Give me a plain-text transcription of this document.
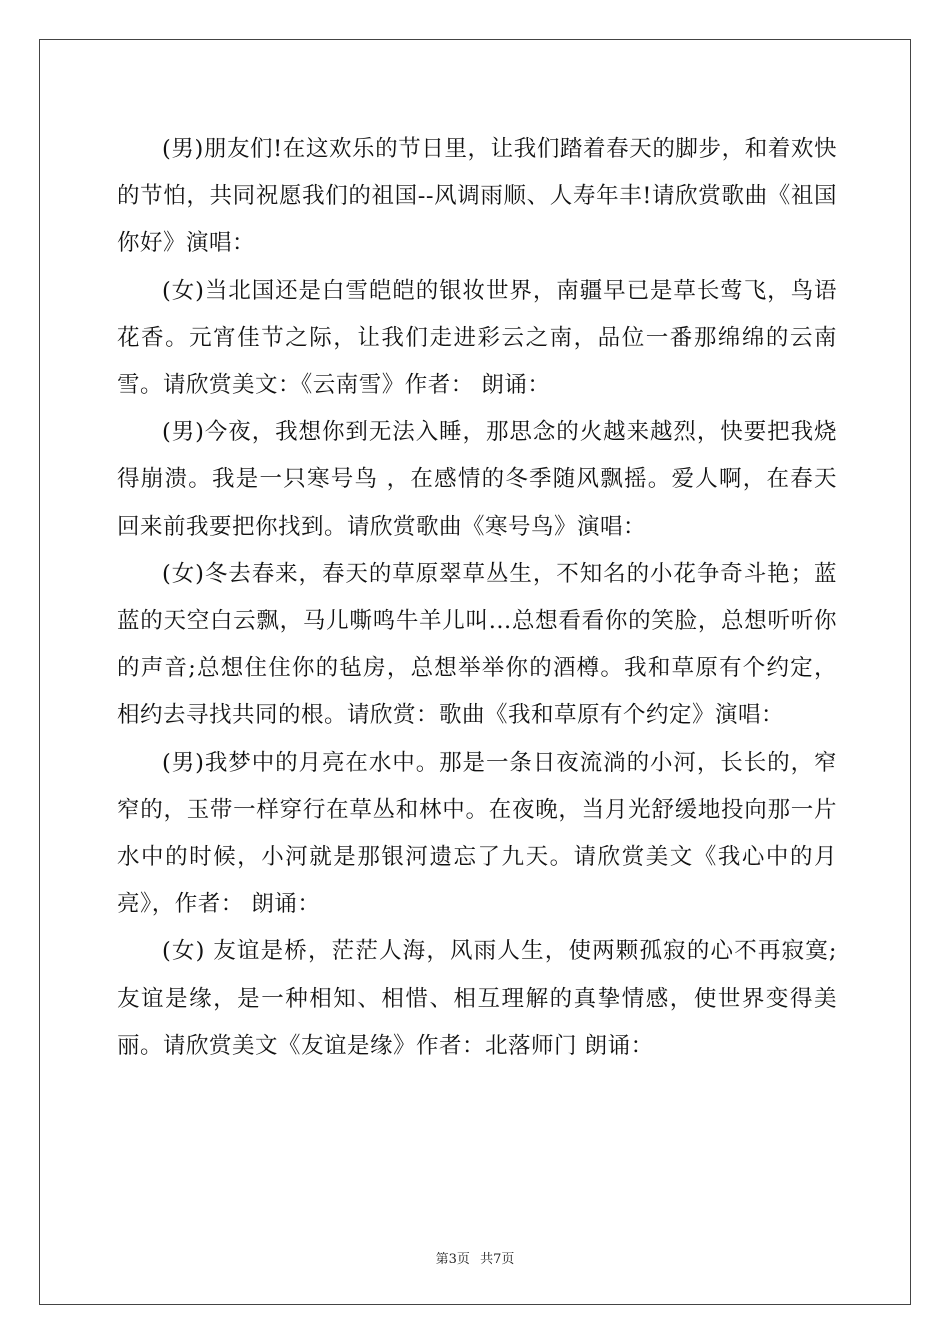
(男)朋友们!在这欢乐的节日里，让我们踏着春天的脚步，和着欢快的节怕，共同祝愿我们的祖国--风调雨顺、人寿年丰!请欣赏歌曲《祖国你好》演唱：

(女)当北国还是白雪皑皑的银妆世界，南疆早已是草长莺飞，鸟语花香。元宵佳节之际，让我们走进彩云之南，品位一番那绵绵的云南雪。请欣赏美文：《云南雪》作者： 朗诵：

(男)今夜，我想你到无法入睡，那思念的火越来越烈，快要把我烧得崩溃。我是一只寒号鸟 ，在感情的冬季随风飘摇。爱人啊，在春天回来前我要把你找到。请欣赏歌曲《寒号鸟》演唱：

(女)冬去春来，春天的草原翠草丛生，不知名的小花争奇斗艳；蓝蓝的天空白云飘，马儿嘶鸣牛羊儿叫...总想看看你的笑脸，总想听听你的声音;总想住住你的毡房，总想举举你的酒樽。我和草原有个约定，相约去寻找共同的根。请欣赏：歌曲《我和草原有个约定》演唱：

(男)我梦中的月亮在水中。那是一条日夜流淌的小河，长长的，窄窄的，玉带一样穿行在草丛和林中。在夜晚，当月光舒缓地投向那一片水中的时候，小河就是那银河遗忘了九天。请欣赏美文《我心中的月亮》，作者： 朗诵：

(女) 友谊是桥，茫茫人海，风雨人生，使两颗孤寂的心不再寂寞;友谊是缘，是一种相知、相惜、相互理解的真挚情感，使世界变得美丽。请欣赏美文《友谊是缘》作者：北落师门 朗诵：

第3页 共7页
